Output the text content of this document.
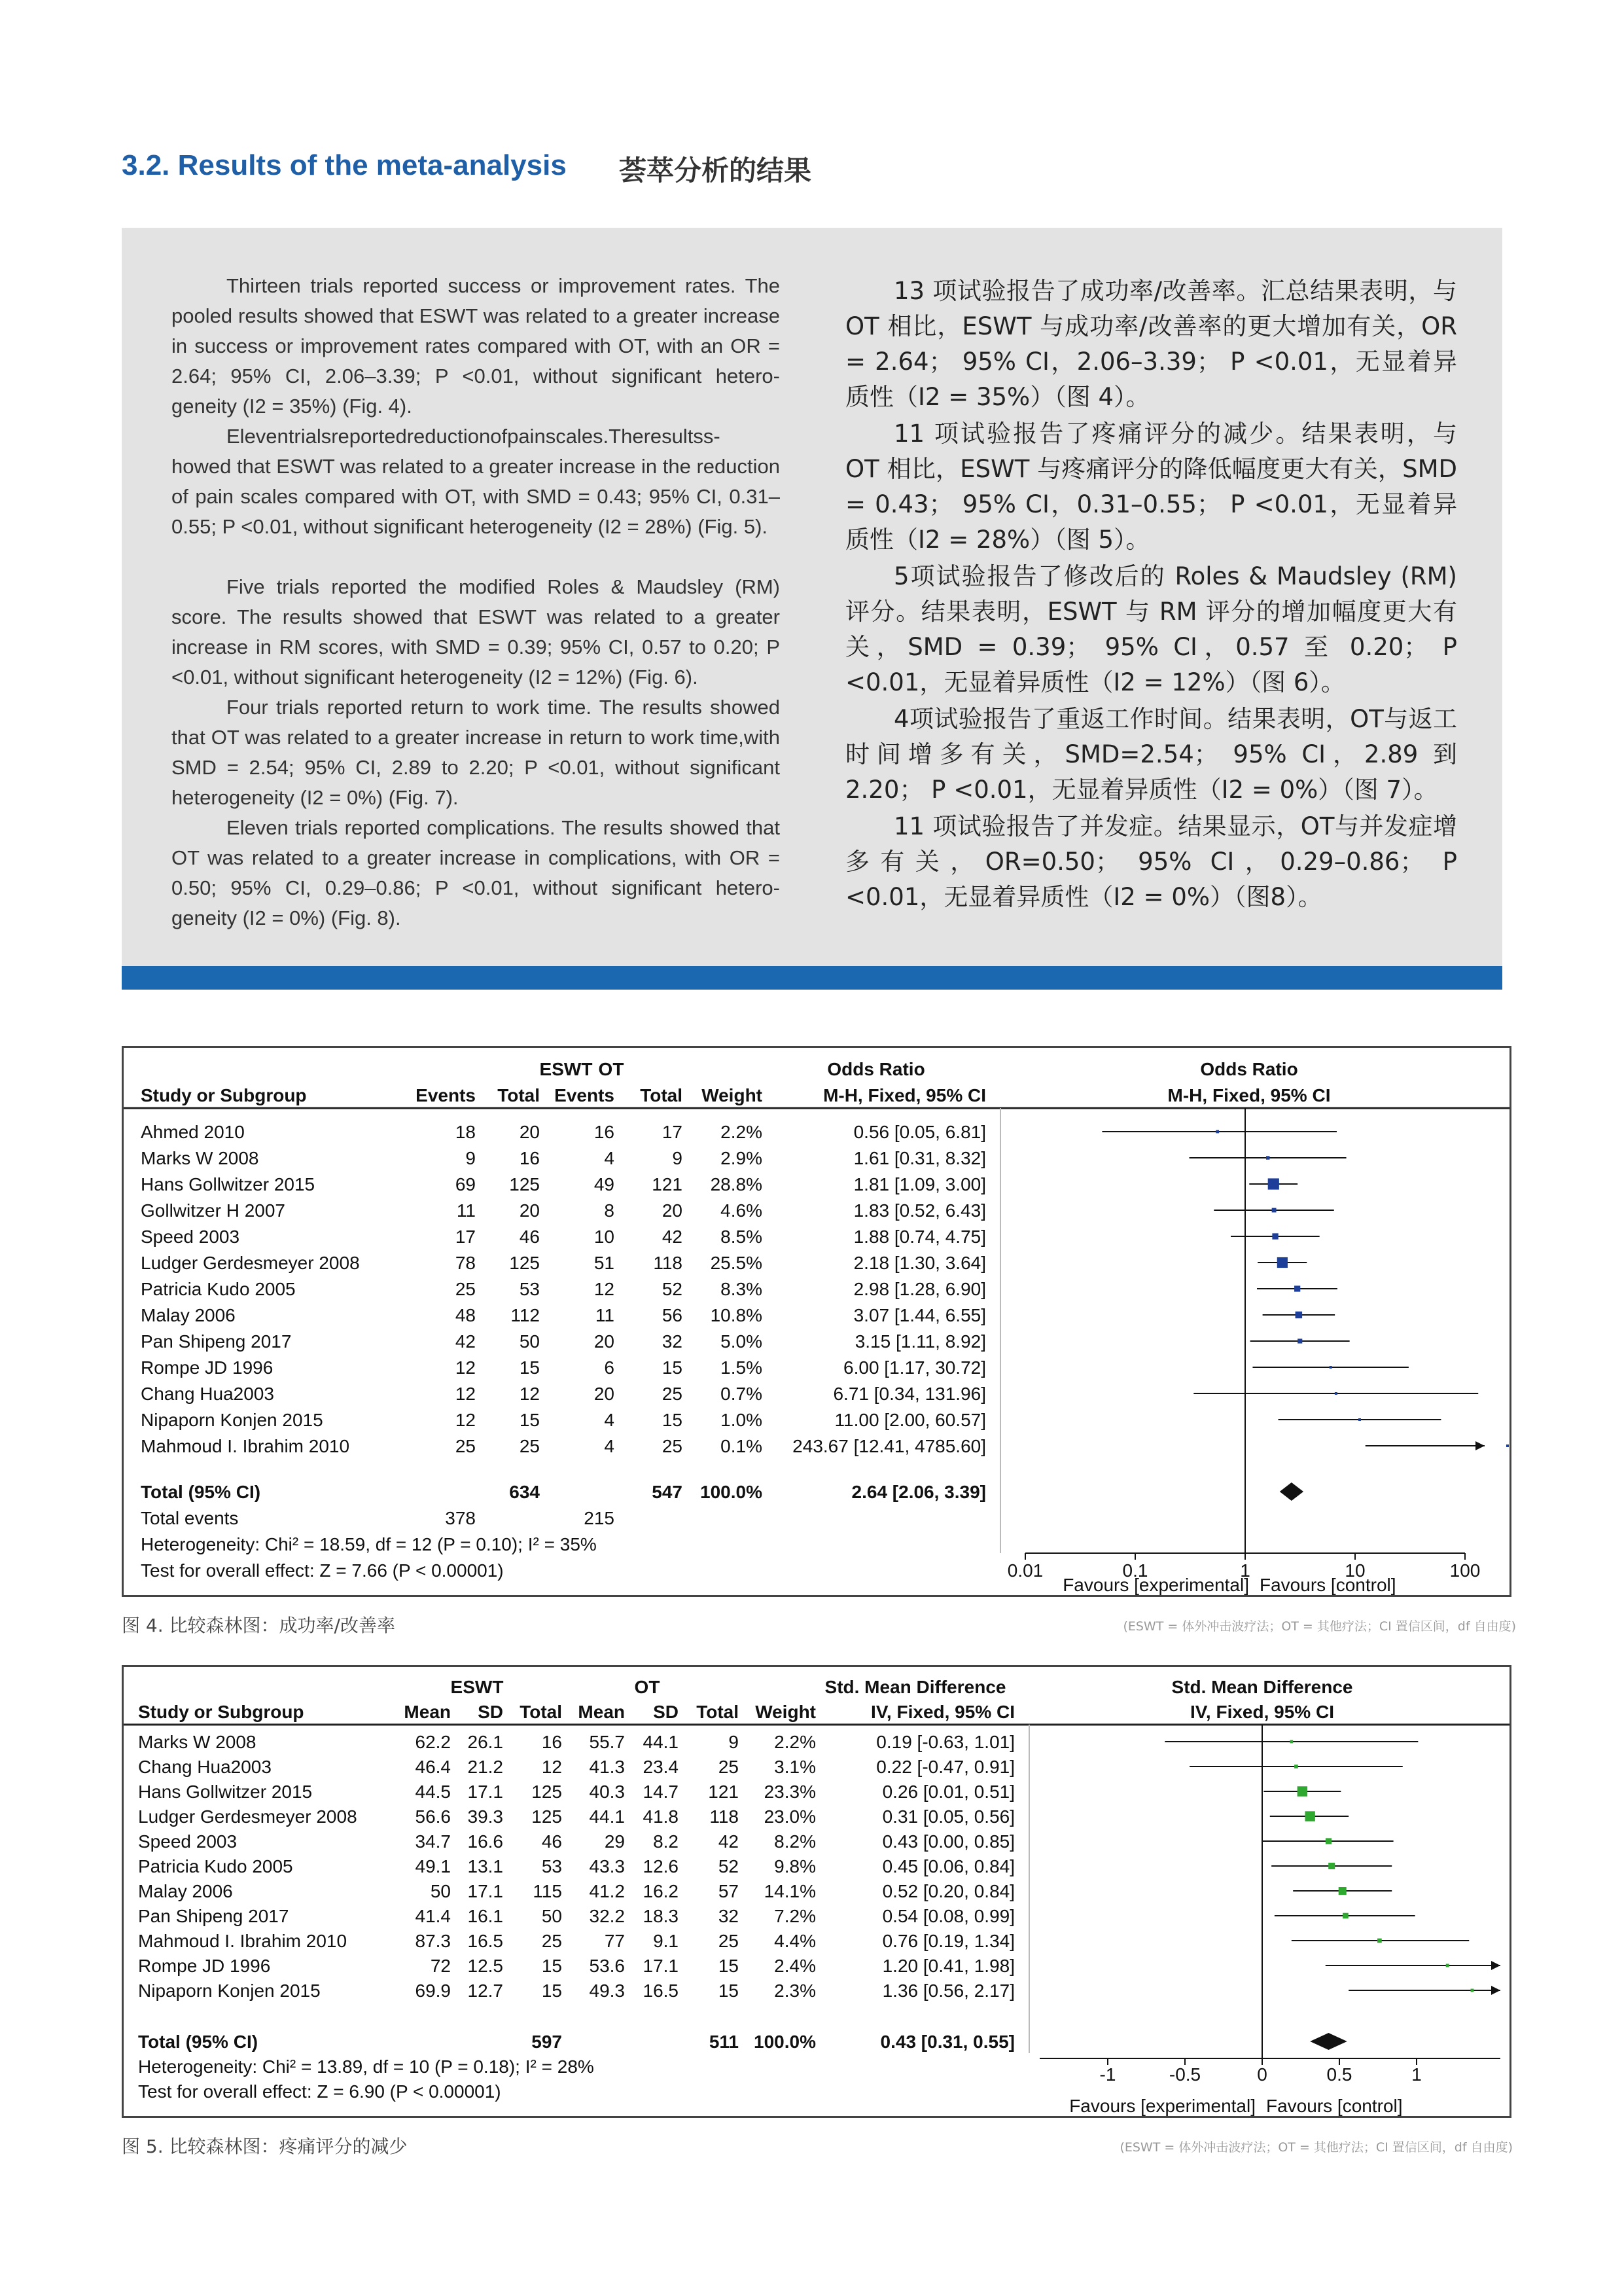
3.2. Results of the meta-analysis 荟萃分析的结果

Thirteen trials reported success or improvement rates. The pooled results showed that ESWT was related to a greater increase in success or improvement rates compared with OT, with an OR = 2.64; 95% CI, 2.06–3.39; P <0.01, without significant hetero- geneity (I2 = 35%) (Fig. 4).

Eleventrialsreportedreductionofpainscales.Theresultss- howed that ESWT was related to a greater increase in the reduction of pain scales compared with OT, with SMD = 0.43; 95% CI, 0.31–0.55; P <0.01, without significant heterogeneity (I2 = 28%) (Fig. 5).

Five trials reported the modified Roles & Maudsley (RM) score. The results showed that ESWT was related to a greater increase in RM scores, with SMD = 0.39; 95% CI, 0.57 to 0.20; P <0.01, without significant heterogeneity (I2 = 12%) (Fig. 6).

Four trials reported return to work time. The results showed that OT was related to a greater increase in return to work time,with SMD = 2.54; 95% CI, 2.89 to 2.20; P <0.01, without significant heterogeneity (I2 = 0%) (Fig. 7).

Eleven trials reported complications. The results showed that OT was related to a greater increase in complications, with OR = 0.50; 95% CI, 0.29–0.86; P <0.01, without significant hetero- geneity (I2 = 0%) (Fig. 8).

13 项试验报告了成功率/改善率。汇总结果表明，与 OT 相比，ESWT 与成功率/改善率的更大增加有关，OR = 2.64； 95% CI，2.06–3.39； P <0.01，无显着异质性（I2 = 35%）（图 4）。

11 项试验报告了疼痛评分的减少。结果表明，与 OT 相比，ESWT 与疼痛评分的降低幅度更大有关，SMD = 0.43； 95% CI，0.31–0.55； P <0.01，无显着异质性（I2 = 28%）（图 5）。

5项试验报告了修改后的 Roles & Maudsley (RM) 评分。结果表明，ESWT 与 RM 评分的增加幅度更大有关，SMD = 0.39； 95% CI，0.57 至 0.20； P <0.01，无显着异质性（I2 = 12%）（图 6）。

4项试验报告了重返工作时间。结果表明，OT与返工时间增多有关，SMD=2.54； 95% CI，2.89 到 2.20； P <0.01，无显着异质性（I2 = 0%）（图 7）。

11 项试验报告了并发症。结果显示，OT与并发症增多有关，OR=0.50； 95% CI，0.29–0.86； P <0.01，无显着异质性（I2 = 0%）（图8）。

ESWT OT	Odds Ratio	Odds Ratio
Study or Subgroup	Events Total Events Total Weight	M-H, Fixed, 95% CI	M-H, Fixed, 95% CI
Ahmed 2010	18 20	16	17 2.2%	0.56 [0.05, 6.81]
Marks W 2008	9 16	4	9 2.9%	1.61 [0.31, 8.32]
Hans Gollwitzer 2015	69 125	49 121 28.8%	1.81 [1.09, 3.00]
Gollwitzer H 2007	11 20	8	20 4.6%	1.83 [0.52, 6.43]
Speed 2003	17 46	10	42 8.5%	1.88 [0.74, 4.75]
Ludger Gerdesmeyer 2008	78 125	51 118 25.5%	2.18 [1.30, 3.64]
Patricia Kudo 2005	25 53	12	52 8.3%	2.98 [1.28, 6.90]
Malay 2006	48 112	11	56 10.8%	3.07 [1.44, 6.55]
Pan Shipeng 2017	42 50	20	32 5.0%	3.15 [1.11, 8.92]
Rompe JD 1996	12 15	6	15 1.5%	6.00 [1.17, 30.72]
Chang Hua2003	12 12	20	25 0.7%	6.71 [0.34, 131.96]
Nipaporn Konjen 2015	12 15	4	15 1.0%	11.00 [2.00, 60.57]
Mahmoud I. Ibrahim 2010	25 25	4	25 0.1% 243.67 [12.41, 4785.60]
Total (95% CI)	634	547 100.0%	2.64 [2.06, 3.39]
Total events	378	215
Heterogeneity: Chi² = 18.59, df = 12 (P = 0.10); I² = 35%
Test for overall effect: Z = 7.66 (P < 0.00001)
Favours [experimental] Favours [control]
0.01	0.1	1	10	100
图 4. 比较森林图：成功率/改善率	(ESWT = 体外冲击波疗法；OT = 其他疗法；CI 置信区间，df 自由度)
ESWT	OT	Std. Mean Difference	Std. Mean Difference
Study or Subgroup	Mean SD Total Mean SD Total Weight	IV, Fixed, 95% CI	IV, Fixed, 95% CI
Marks W 2008	62.2 26.1 16 55.7 44.1	9 2.2%	0.19 [-0.63, 1.01]
Chang Hua2003	46.4 21.2 12 41.3 23.4 25 3.1%	0.22 [-0.47, 0.91]
Hans Gollwitzer 2015	44.5 17.1 125 40.3 14.7 121 23.3%	0.26 [0.01, 0.51]
Ludger Gerdesmeyer 2008	56.6 39.3 125 44.1 41.8 118 23.0%	0.31 [0.05, 0.56]
Speed 2003	34.7 16.6 46 29 8.2 42 8.2%	0.43 [0.00, 0.85]
Patricia Kudo 2005	49.1 13.1 53 43.3 12.6 52 9.8%	0.45 [0.06, 0.84]
Malay 2006	50 17.1 115 41.2 16.2 57 14.1%	0.52 [0.20, 0.84]
Pan Shipeng 2017	41.4 16.1 50 32.2 18.3 32 7.2%	0.54 [0.08, 0.99]
Mahmoud I. Ibrahim 2010	87.3 16.5 25 77 9.1 25 4.4%	0.76 [0.19, 1.34]
Rompe JD 1996	72 12.5 15 53.6 17.1 15 2.4%	1.20 [0.41, 1.98]
Nipaporn Konjen 2015	69.9 12.7 15 49.3 16.5 15 2.3%	1.36 [0.56, 2.17]
Total (95% CI)	597	511 100.0%	0.43 [0.31, 0.55]
Heterogeneity: Chi² = 13.89, df = 10 (P = 0.18); I² = 28%
Test for overall effect: Z = 6.90 (P < 0.00001)
Favours [experimental] Favours [control]
-1	-0.5	0	0.5	1
图 5. 比较森林图：疼痛评分的减少	(ESWT = 体外冲击波疗法；OT = 其他疗法；CI 置信区间，df 自由度)
